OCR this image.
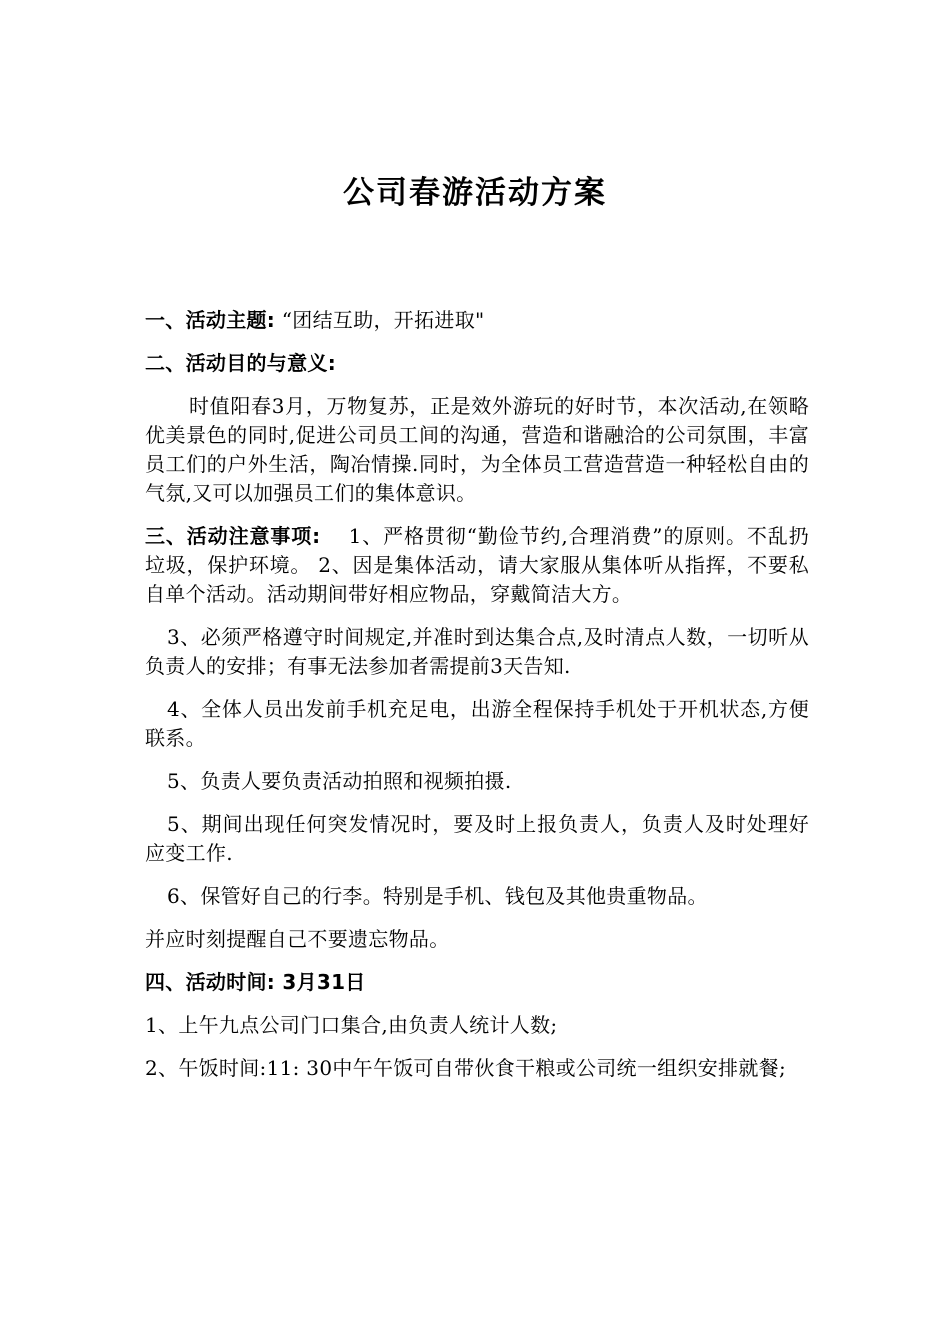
公司春游活动方案

一、活动主题: “团结互助，开拓进取"

二、活动目的与意义:

时值阳春3月，万物复苏，正是效外游玩的好时节，本次活动,在领略优美景色的同时,促进公司员工间的沟通，营造和谐融洽的公司氛围，丰富员工们的户外生活，陶冶情操.同时，为全体员工营造营造一种轻松自由的气氛,又可以加强员工们的集体意识。

三、活动注意事项: 　1、严格贯彻“勤俭节约,合理消费”的原则。不乱扔垃圾，保护环境。 2、因是集体活动，请大家服从集体听从指挥，不要私自单个活动。活动期间带好相应物品，穿戴简洁大方。

3、必须严格遵守时间规定,并准时到达集合点,及时清点人数，一切听从负责人的安排；有事无法参加者需提前3天告知.

4、全体人员出发前手机充足电，出游全程保持手机处于开机状态,方便联系。

5、负责人要负责活动拍照和视频拍摄.

5、期间出现任何突发情况时，要及时上报负责人，负责人及时处理好应变工作.

6、保管好自己的行李。特别是手机、钱包及其他贵重物品。

并应时刻提醒自己不要遗忘物品。

四、活动时间: 3月31日

1、上午九点公司门口集合,由负责人统计人数;

2、午饭时间:11: 30中午午饭可自带伙食干粮或公司统一组织安排就餐;
